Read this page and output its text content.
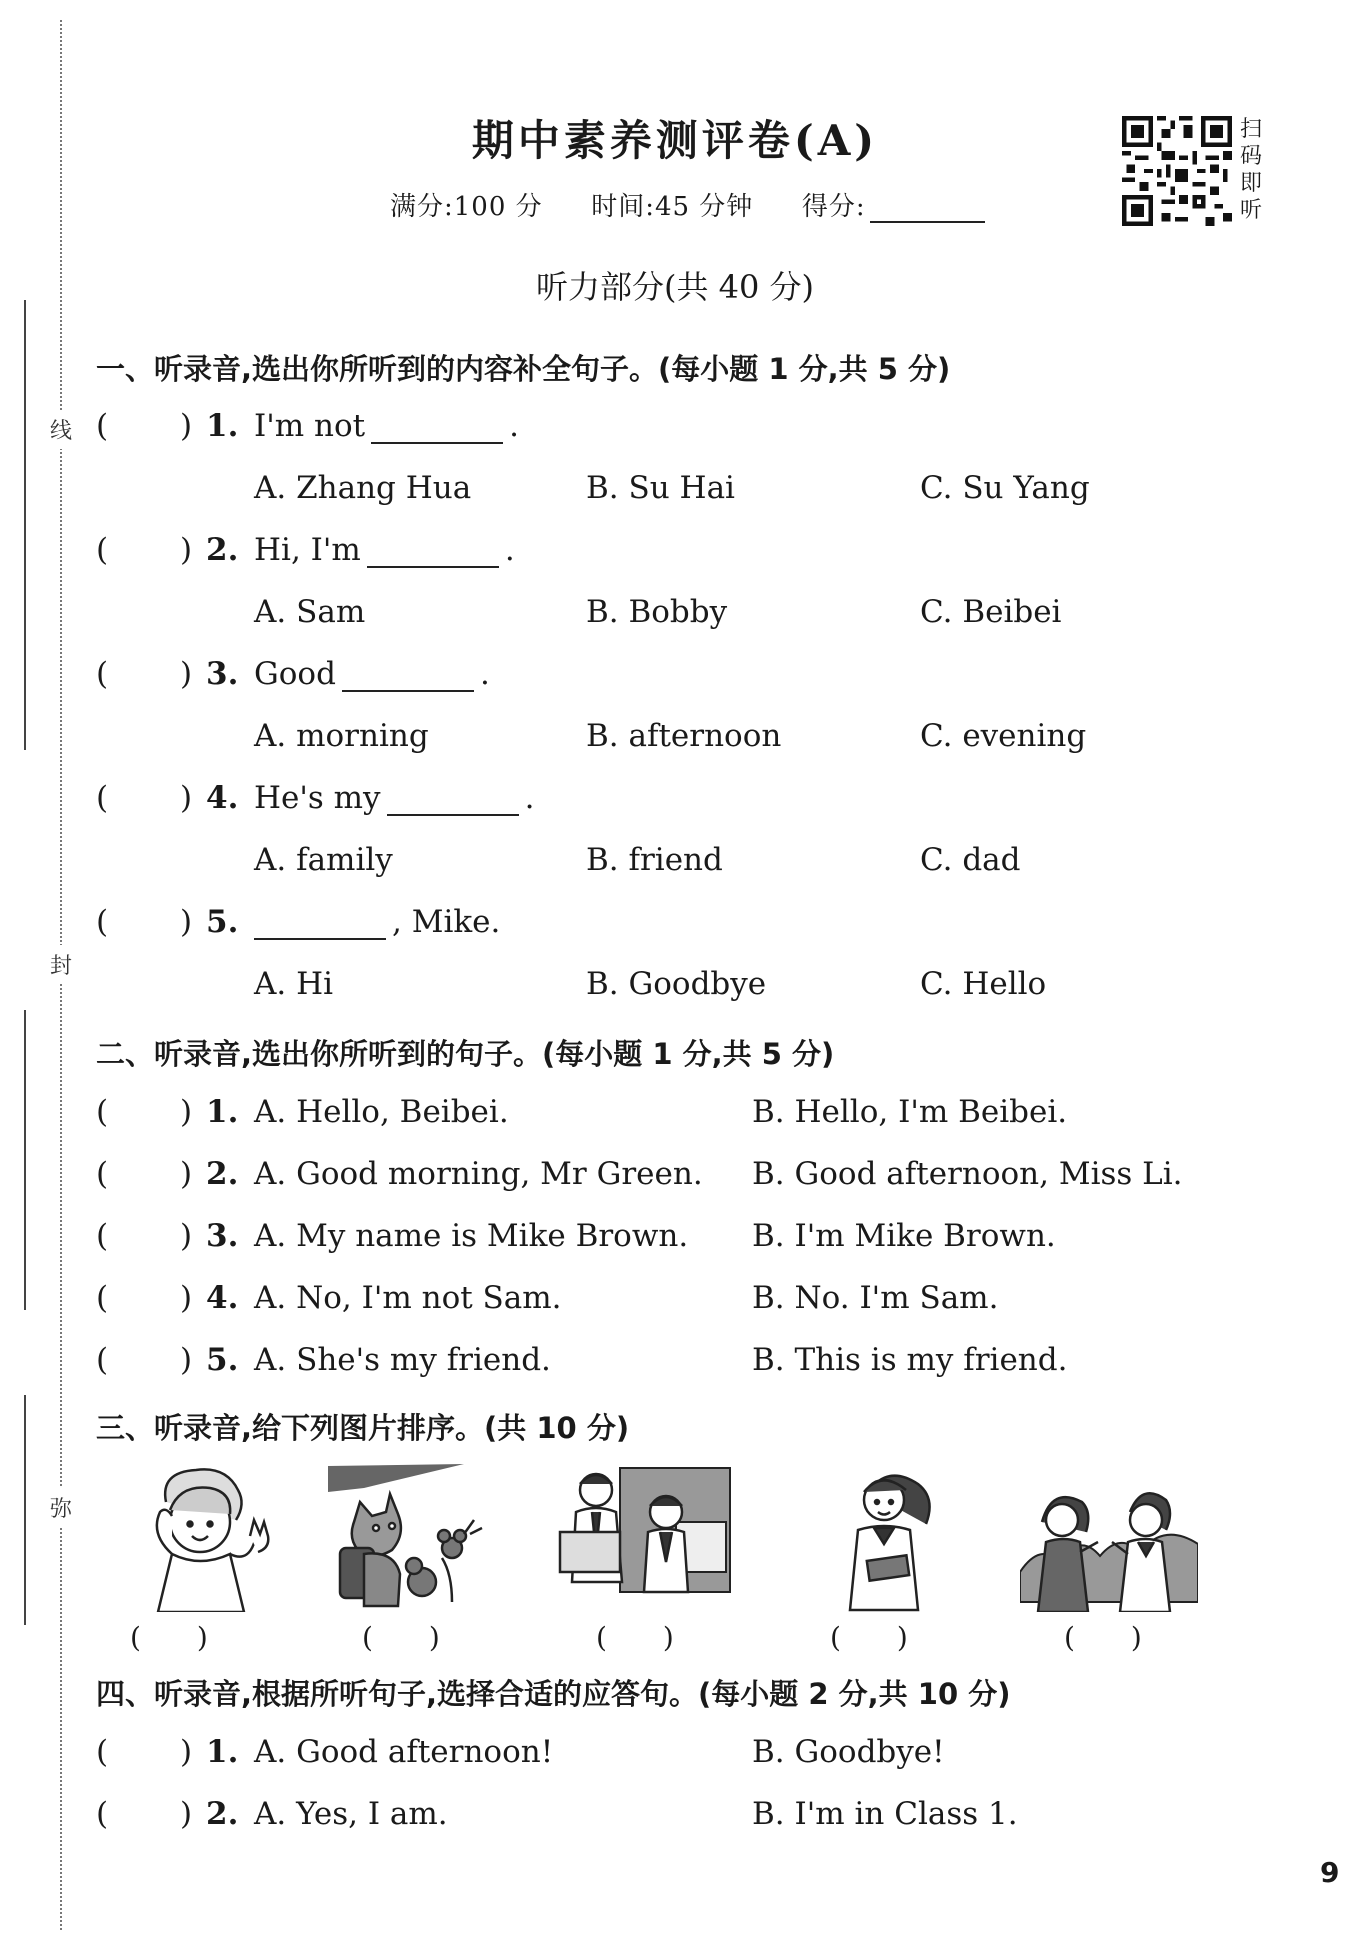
线
封
弥
期中素养测评卷(A)
满分:100 分 时间:45 分钟 得分:
扫码即听
听力部分(共 40 分)
一、听录音,选出你所听到的内容补全句子。(每小题 1 分,共 5 分)
( ) 1. I'm not	.
A. Zhang Hua	B. Su Hai	C. Su Yang
( ) 2. Hi, I'm	.
A. Sam	B. Bobby	C. Beibei
( ) 3. Good	.
A. morning	B. afternoon	C. evening
( ) 4. He's my	.
A. family	B. friend	C. dad
( ) 5.	, Mike.
A. Hi	B. Goodbye	C. Hello
二、听录音,选出你所听到的句子。(每小题 1 分,共 5 分)
( ) 1. A. Hello, Beibei.	B. Hello, I'm Beibei.
( ) 2. A. Good morning, Mr Green. B. Good afternoon, Miss Li.
( ) 3. A. My name is Mike Brown. B. I'm Mike Brown.
( ) 4. A. No, I'm not Sam.	B. No. I'm Sam.
( ) 5. A. She's my friend.	B. This is my friend.
三、听录音,给下列图片排序。(共 10 分)
(　　)	(　　)	(　　)	(　　)	(　　)
四、听录音,根据所听句子,选择合适的应答句。(每小题 2 分,共 10 分)
( ) 1. A. Good afternoon!	B. Goodbye!
( ) 2. A. Yes, I am.	B. I'm in Class 1.
9
